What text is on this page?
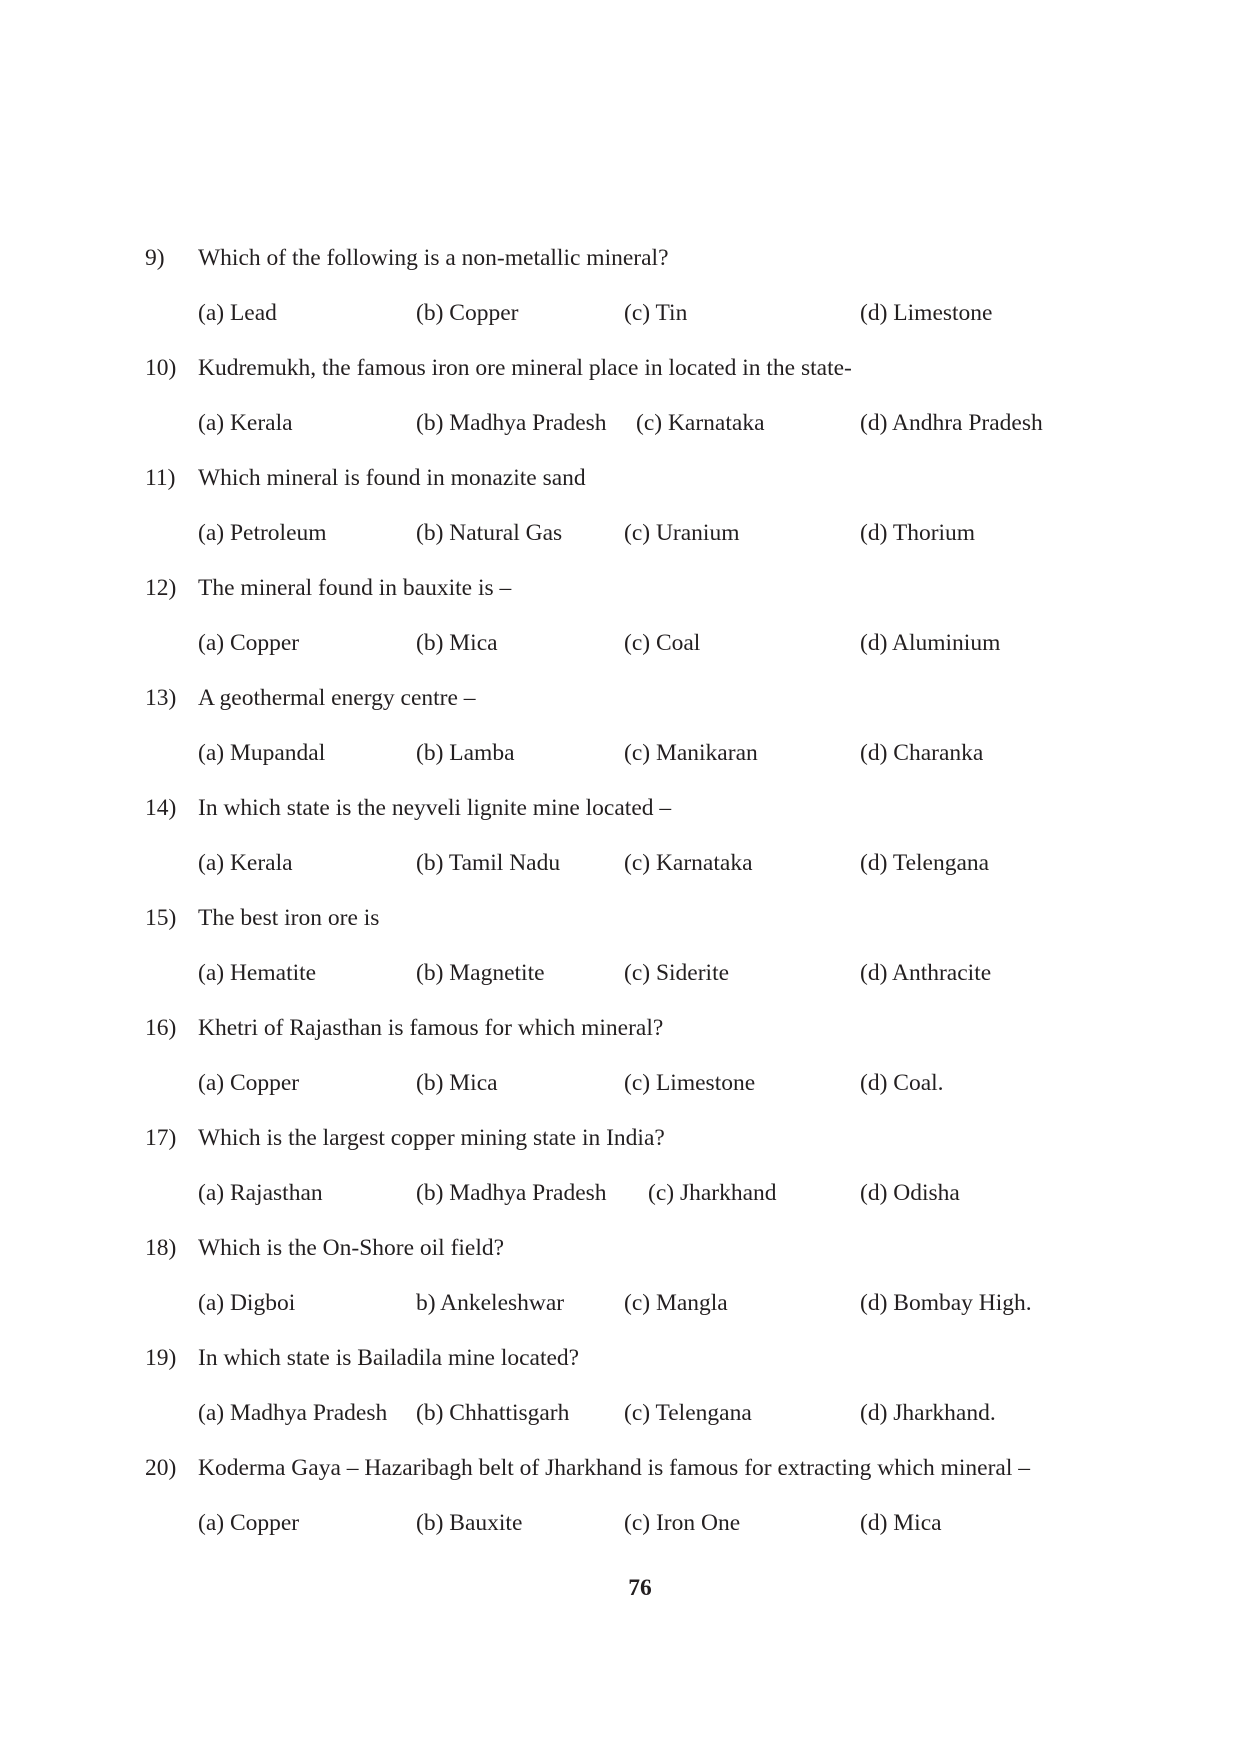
9) Which of the following is a non-metallic mineral?
(a) Lead	(b) Copper	(c) Tin	(d) Limestone
10) Kudremukh, the famous iron ore mineral place in located in the state-
(a) Kerala	(b) Madhya Pradesh (c) Karnataka	(d) Andhra Pradesh
11) Which mineral is found in monazite sand
(a) Petroleum	(b) Natural Gas	(c) Uranium	(d) Thorium
12) The mineral found in bauxite is –
(a) Copper	(b) Mica	(c) Coal	(d) Aluminium
13) A geothermal energy centre –
(a) Mupandal	(b) Lamba	(c) Manikaran	(d) Charanka
14) In which state is the neyveli lignite mine located –
(a) Kerala	(b) Tamil Nadu	(c) Karnataka	(d) Telengana
15) The best iron ore is
(a) Hematite	(b) Magnetite	(c) Siderite	(d) Anthracite
16) Khetri of Rajasthan is famous for which mineral?
(a) Copper	(b) Mica	(c) Limestone	(d) Coal.
17) Which is the largest copper mining state in India?
(a) Rajasthan	(b) Madhya Pradesh (c) Jharkhand	(d) Odisha
18) Which is the On-Shore oil field?
(a) Digboi	b) Ankeleshwar	(c) Mangla	(d) Bombay High.
19) In which state is Bailadila mine located?
(a) Madhya Pradesh (b) Chhattisgarh (c) Telengana	(d) Jharkhand.
20) Koderma Gaya – Hazaribagh belt of Jharkhand is famous for extracting which mineral –
(a) Copper	(b) Bauxite	(c) Iron One	(d) Mica
76
